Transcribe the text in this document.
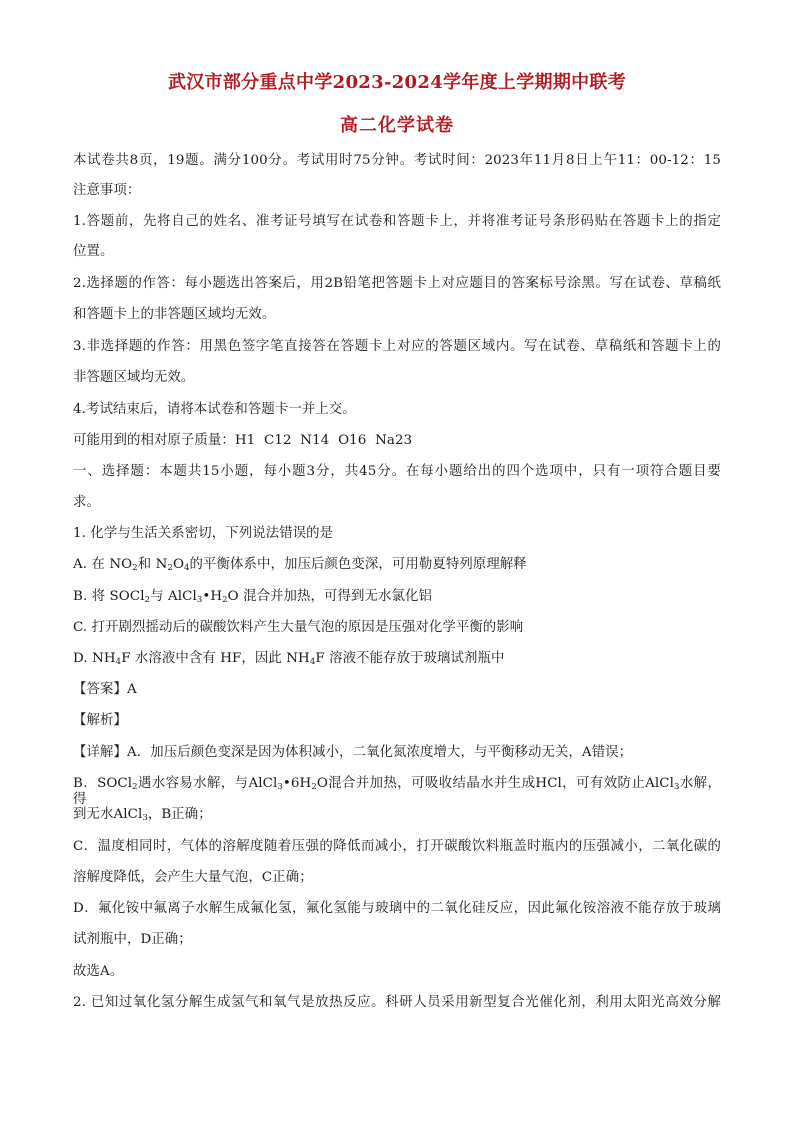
武汉市部分重点中学2023-2024学年度上学期期中联考
高二化学试卷
本试卷共8页，19题。满分100分。考试用时75分钟。考试时间：2023年11月8日上午11：00-12：15
注意事项：
1.答题前，先将自己的姓名、准考证号填写在试卷和答题卡上，并将准考证号条形码贴在答题卡上的指定
位置。
2.选择题的作答：每小题选出答案后，用2B铅笔把答题卡上对应题目的答案标号涂黑。写在试卷、草稿纸
和答题卡上的非答题区域均无效。
3.非选择题的作答：用黑色签字笔直接答在答题卡上对应的答题区域内。写在试卷、草稿纸和答题卡上的
非答题区域均无效。
4.考试结束后，请将本试卷和答题卡一并上交。
可能用到的相对原子质量：H1  C12  N14  O16  Na23
一、选择题：本题共15小题，每小题3分，共45分。在每小题给出的四个选项中，只有一项符合题目要
求。
1. 化学与生活关系密切，下列说法错误的是
A. 在 $NO_2$和 $N_2O_4$的平衡体系中，加压后颜色变深，可用勒夏特列原理解释
B. 将 SOCl$_2$与 $AlCl_3•H_2O$ 混合并加热，可得到无水氯化铝
C. 打开剧烈摇动后的碳酸饮料产生大量气泡的原因是压强对化学平衡的影响
D. $NH_4F$ 水溶液中含有 HF，因此 $NH_4F$ 溶液不能存放于玻璃试剂瓶中
【答案】A
【解析】
【详解】A．加压后颜色变深是因为体积减小，二氧化氮浓度增大，与平衡移动无关，A错误；
B．SOCl$_2$遇水容易水解，与$AlCl_3•6H_2O$混合并加热，可吸收结晶水并生成HCl，可有效防止AlCl$_3$水解，得
到无水AlCl$_3$，B正确；
C．温度相同时，气体的溶解度随着压强的降低而减小，打开碳酸饮料瓶盖时瓶内的压强减小，二氧化碳的
溶解度降低，会产生大量气泡，C正确；
D．氟化铵中氟离子水解生成氟化氢，氟化氢能与玻璃中的二氧化硅反应，因此氟化铵溶液不能存放于玻璃
试剂瓶中，D正确；
故选A。
2. 已知过氧化氢分解生成氢气和氧气是放热反应。科研人员采用新型复合光催化剂，利用太阳光高效分解
